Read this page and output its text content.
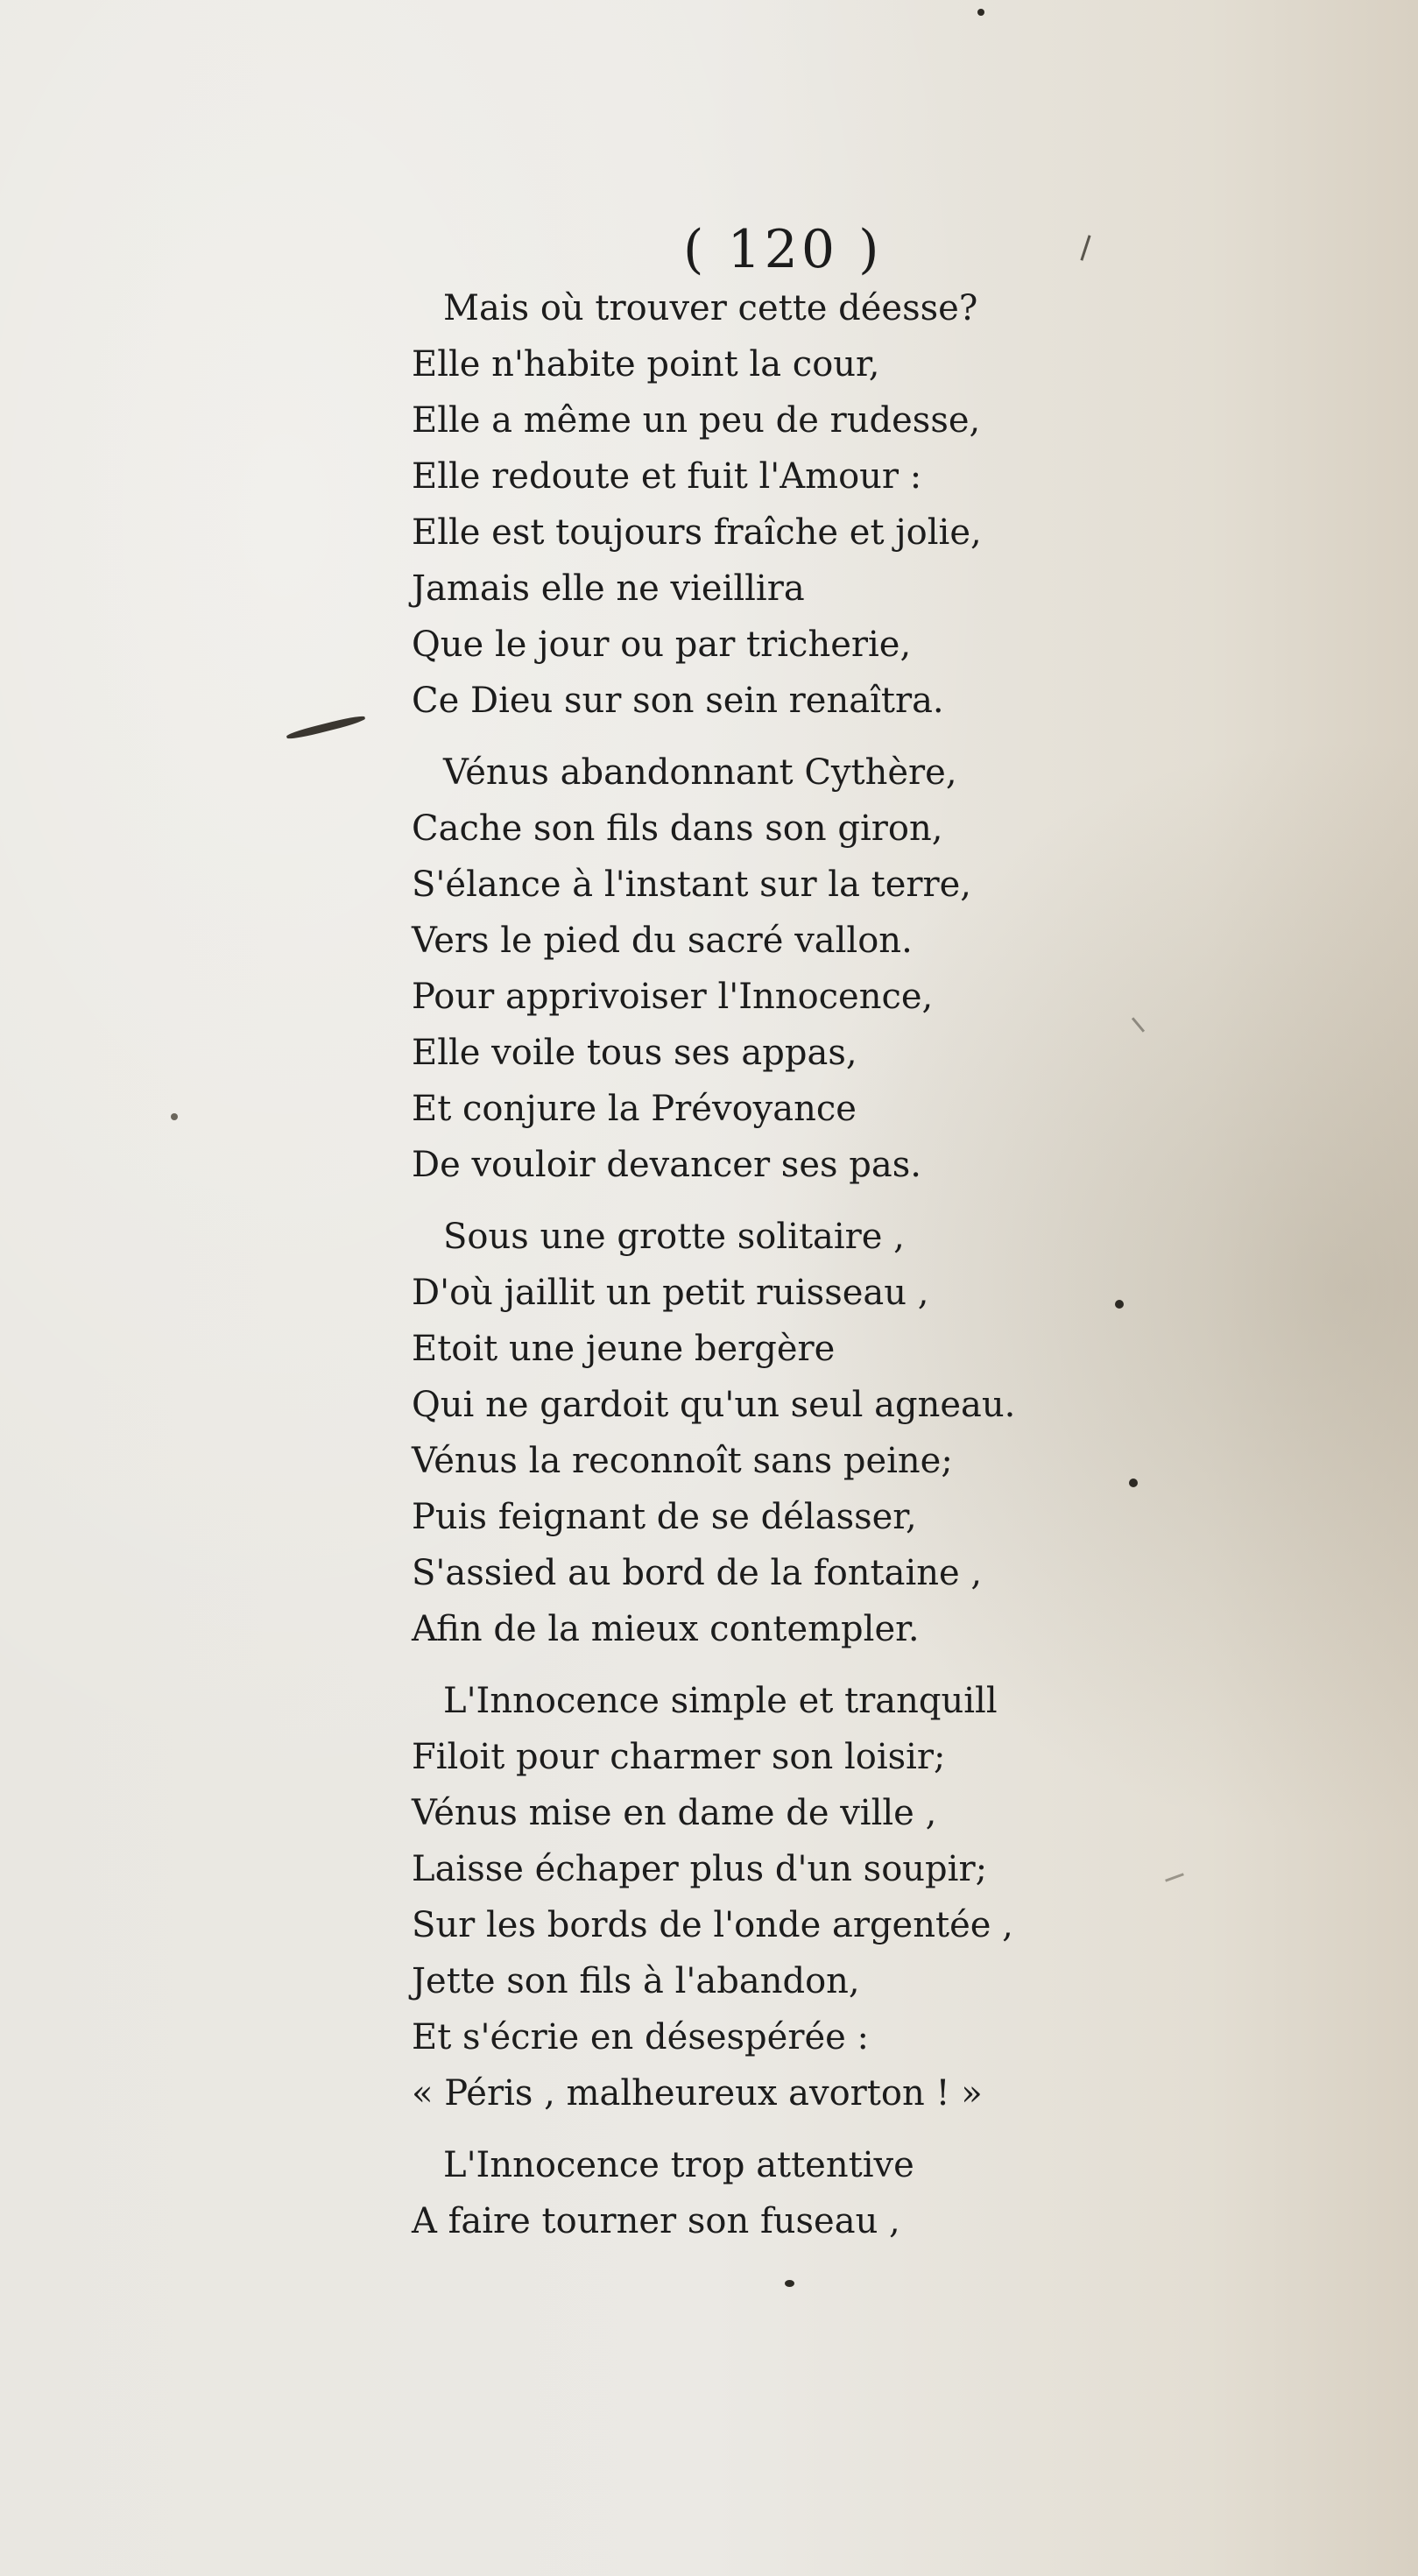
( 120 )
Mais où trouver cette déesse?
Elle n'habite point la cour,
Elle a même un peu de rudesse,
Elle redoute et fuit l'Amour :
Elle est toujours fraîche et jolie,
Jamais elle ne vieillira
Que le jour ou par tricherie,
Ce Dieu sur son sein renaîtra.
Vénus abandonnant Cythère,
Cache son fils dans son giron,
S'élance à l'instant sur la terre,
Vers le pied du sacré vallon.
Pour apprivoiser l'Innocence,
Elle voile tous ses appas,
Et conjure la Prévoyance
De vouloir devancer ses pas.
Sous une grotte solitaire ,
D'où jaillit un petit ruisseau ,
Etoit une jeune bergère
Qui ne gardoit qu'un seul agneau.
Vénus la reconnoît sans peine;
Puis feignant de se délasser,
S'assied au bord de la fontaine ,
Afin de la mieux contempler.
L'Innocence simple et tranquill
Filoit pour charmer son loisir;
Vénus mise en dame de ville ,
Laisse échaper plus d'un soupir;
Sur les bords de l'onde argentée ,
Jette son fils à l'abandon,
Et s'écrie en désespérée :
« Péris , malheureux avorton ! »
L'Innocence trop attentive
A faire tourner son fuseau ,
